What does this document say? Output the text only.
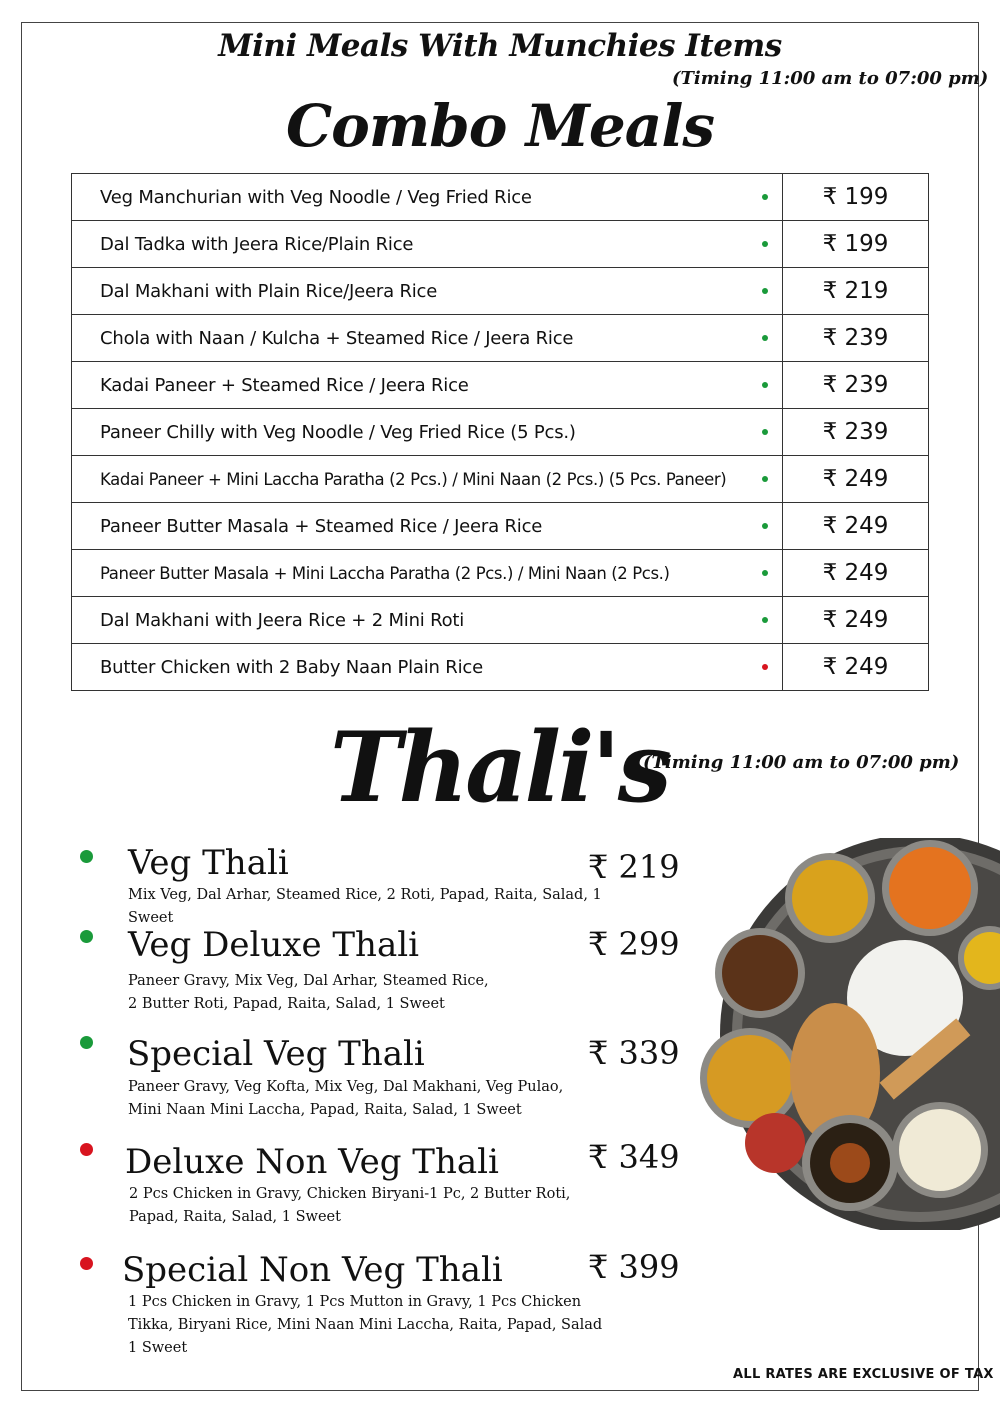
Mini Meals With Munchies Items
(Timing 11:00 am to 07:00 pm)
Combo Meals
Veg Manchurian with Veg Noodle / Veg Fried Rice	₹ 199
Dal Tadka with Jeera Rice/Plain Rice	₹ 199
Dal Makhani with Plain Rice/Jeera Rice	₹ 219
Chola with Naan / Kulcha + Steamed Rice / Jeera Rice	₹ 239
Kadai Paneer + Steamed Rice / Jeera Rice	₹ 239
Paneer Chilly with Veg Noodle / Veg Fried Rice (5 Pcs.)	₹ 239
Kadai Paneer + Mini Laccha Paratha (2 Pcs.) / Mini Naan (2 Pcs.) (5 Pcs. Paneer)	₹ 249
Paneer Butter Masala + Steamed Rice / Jeera Rice	₹ 249
Paneer Butter Masala + Mini Laccha Paratha (2 Pcs.) / Mini Naan (2 Pcs.)	₹ 249
Dal Makhani with Jeera Rice + 2 Mini Roti	₹ 249
Butter Chicken with 2 Baby Naan Plain Rice	₹ 249
Thali's
(Timing 11:00 am to 07:00 pm)
Veg Thali	₹ 219
Mix Veg, Dal Arhar, Steamed Rice, 2 Roti, Papad, Raita, Salad, 1 Sweet
Veg Deluxe Thali	₹ 299
Paneer Gravy, Mix Veg, Dal Arhar, Steamed Rice,
2 Butter Roti, Papad, Raita, Salad, 1 Sweet
Special Veg Thali	₹ 339
Paneer Gravy, Veg Kofta, Mix Veg, Dal Makhani, Veg Pulao,
Mini Naan Mini Laccha, Papad, Raita, Salad, 1 Sweet
Deluxe Non Veg Thali	₹ 349
2 Pcs Chicken in Gravy, Chicken Biryani-1 Pc, 2 Butter Roti,
Papad, Raita, Salad, 1 Sweet
Special Non Veg Thali	₹ 399
1 Pcs Chicken in Gravy, 1 Pcs Mutton in Gravy, 1 Pcs Chicken
Tikka, Biryani Rice, Mini Naan Mini Laccha, Raita, Papad, Salad
1 Sweet
ALL RATES ARE EXCLUSIVE OF TAX
